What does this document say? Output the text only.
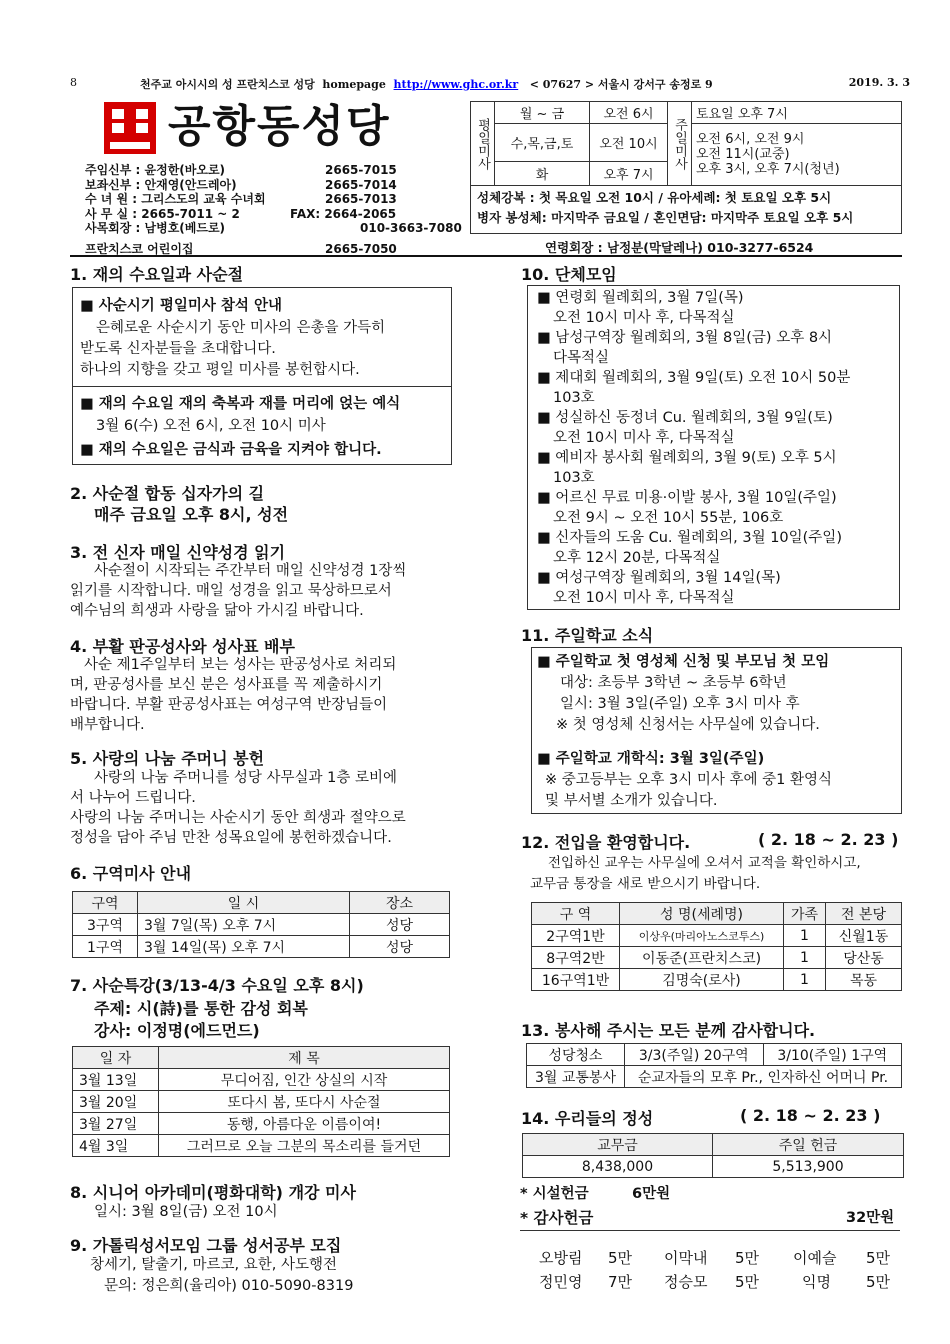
8	천주교 아시시의 성 프란치스코 성당 homepage http://www.ghc.or.kr < 07627 > 서울시 강서구 송정로 9	2019. 3. 3
공항동성당
주임신부 : 윤정한(바오로)	2665-7015
보좌신부 : 안재영(안드레아)	2665-7014
수 녀 원 : 그리스도의 교육 수녀회	2665-7013
사 무 실 : 2665-7011 ~ 2	FAX: 2664-2065
사목회장 : 남병호(베드로)	010-3663-7080
프란치스코 어린이집	2665-7050
평일미사	월 ~ 금	오전 6시	주일미사	토요일 오후 7시
	수,목,금,토	오전 10시		오전 6시, 오전 9시
오전 11시(교중)
오후 3시, 오후 7시(청년)

	화	오후 7시		
성체강복 : 첫 목요일 오전 10시 / 유아세례: 첫 토요일 오후 5시
병자 봉성체: 마지막주 금요일 / 혼인면담: 마지막주 토요일 오후 5시
연령회장 : 남정분(막달레나) 010-3277-6524
1. 재의 수요일과 사순절
■ 사순시기 평일미사 참석 안내
은혜로운 사순시기 동안 미사의 은총을 가득히
받도록 신자분들을 초대합니다.
하나의 지향을 갖고 평일 미사를 봉헌합시다.
■ 재의 수요일 재의 축복과 재를 머리에 얹는 예식
3월 6(수) 오전 6시, 오전 10시 미사
■ 재의 수요일은 금식과 금육을 지켜야 합니다.
2. 사순절 합동 십자가의 길
매주 금요일 오후 8시, 성전
3. 전 신자 매일 신약성경 읽기
사순절이 시작되는 주간부터 매일 신약성경 1장씩
읽기를 시작합니다. 매일 성경을 읽고 묵상하므로서
예수님의 희생과 사랑을 닮아 가시길 바랍니다.
4. 부활 판공성사와 성사표 배부
사순 제1주일부터 보는 성사는 판공성사로 처리되
며, 판공성사를 보신 분은 성사표를 꼭 제출하시기
바랍니다. 부활 판공성사표는 여성구역 반장님들이
배부합니다.
5. 사랑의 나눔 주머니 봉헌
사랑의 나눔 주머니를 성당 사무실과 1층 로비에
서 나누어 드립니다.
사랑의 나눔 주머니는 사순시기 동안 희생과 절약으로
정성을 담아 주님 만찬 성목요일에 봉헌하겠습니다.
6. 구역미사 안내
구역	일 시	장소
3구역	3월 7일(목) 오후 7시	성당
1구역	3월 14일(목) 오후 7시	성당
7. 사순특강(3/13-4/3 수요일 오후 8시)
주제: 시(詩)를 통한 감성 회복
강사: 이정명(에드먼드)
일 자	제 목
3월 13일	무디어짐, 인간 상실의 시작
3월 20일	또다시 봄, 또다시 사순절
3월 27일	동행, 아름다운 이름이여!
4월 3일	그러므로 오늘 그분의 목소리를 들거던
8. 시니어 아카데미(평화대학) 개강 미사
일시: 3월 8일(금) 오전 10시
9. 가톨릭성서모임 그룹 성서공부 모집
창세기, 탈출기, 마르코, 요한, 사도행전
문의: 정은희(율리아) 010-5090-8319
10. 단체모임
■ 연령회 월례회의, 3월 7일(목)
오전 10시 미사 후, 다목적실
■ 남성구역장 월례회의, 3월 8일(금) 오후 8시
다목적실
■ 제대회 월례회의, 3월 9일(토) 오전 10시 50분
103호
■ 성실하신 동정녀 Cu. 월례회의, 3월 9일(토)
오전 10시 미사 후, 다목적실
■ 예비자 봉사회 월례회의, 3월 9(토) 오후 5시
103호
■ 어르신 무료 미용·이발 봉사, 3월 10일(주일)
오전 9시 ~ 오전 10시 55분, 106호
■ 신자들의 도움 Cu. 월례회의, 3월 10일(주일)
오후 12시 20분, 다목적실
■ 여성구역장 월례회의, 3월 14일(목)
오전 10시 미사 후, 다목적실
11. 주일학교 소식
■ 주일학교 첫 영성체 신청 및 부모님 첫 모임
대상: 초등부 3학년 ~ 초등부 6학년
일시: 3월 3일(주일) 오후 3시 미사 후
※ 첫 영성체 신청서는 사무실에 있습니다.
■ 주일학교 개학식: 3월 3일(주일)
※ 중고등부는 오후 3시 미사 후에 중1 환영식
및 부서별 소개가 있습니다.
12. 전입을 환영합니다.	( 2. 18 ~ 2. 23 )
전입하신 교우는 사무실에 오셔서 교적을 확인하시고,
교무금 통장을 새로 받으시기 바랍니다.
구 역	성 명(세례명)	가족	전 본당
2구역1반	이상우(마리아노스코투스)	1	신월1동
8구역2반	이동준(프란치스코)	1	당산동
16구역1반	김명숙(로사)	1	목동
13. 봉사해 주시는 모든 분께 감사합니다.
성당청소	3/3(주일) 20구역	3/10(주일) 1구역
3월 교통봉사	순교자들의 모후 Pr., 인자하신 어머니 Pr.	
14. 우리들의 정성	( 2. 18 ~ 2. 23 )
교무금	주일 헌금
8,438,000	5,513,900
* 시설헌금	6만원
* 감사헌금	32만원
오방림 5만 이막내 5만 이예슬 5만
정민영 7만 정승모 5만	익명 5만
